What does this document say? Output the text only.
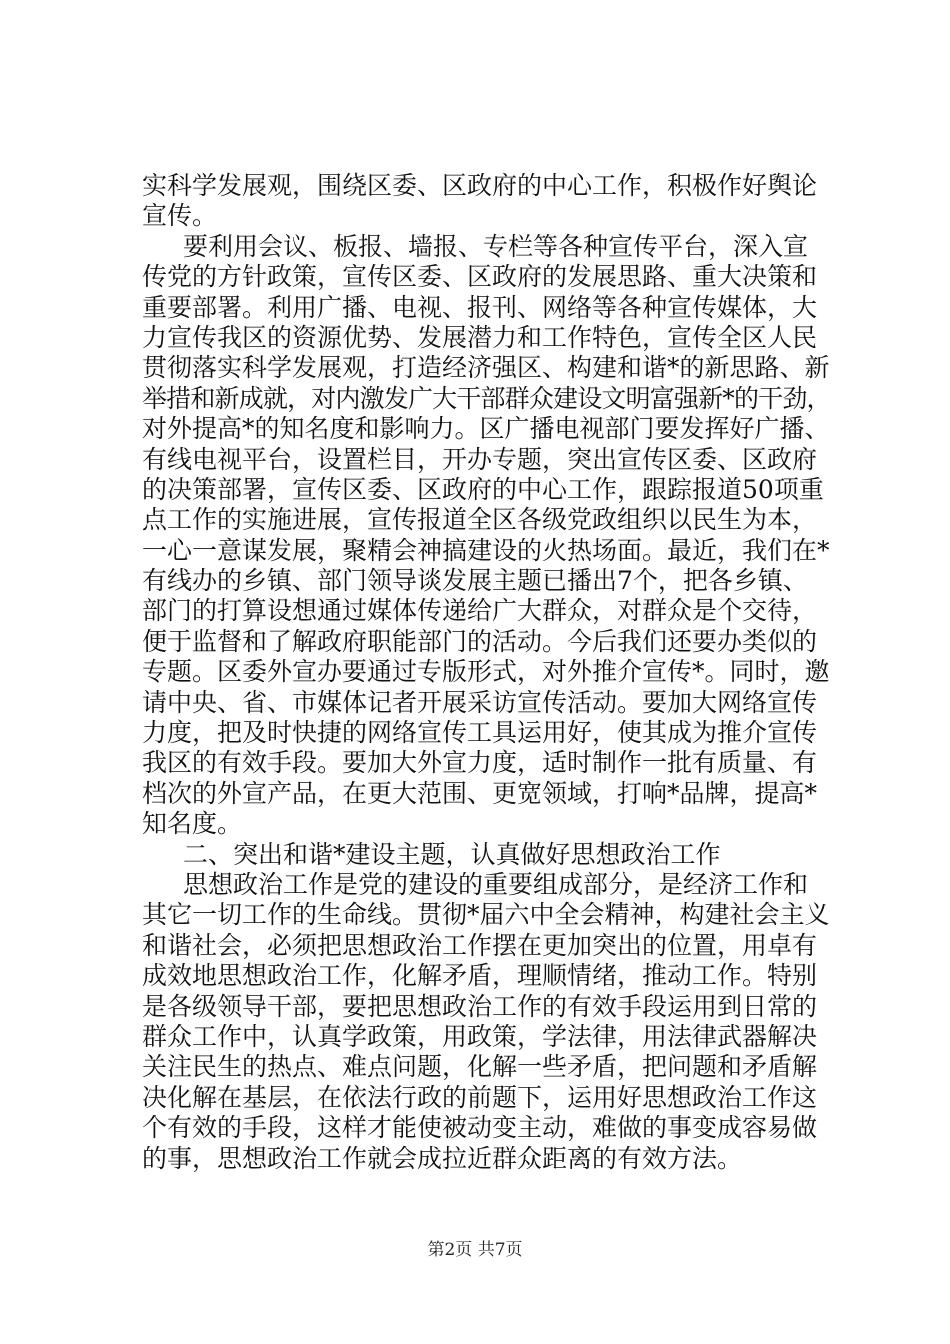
实科学发展观，围绕区委、区政府的中心工作，积极作好舆论
宣传。
要利用会议、板报、墙报、专栏等各种宣传平台，深入宣
传党的方针政策，宣传区委、区政府的发展思路、重大决策和
重要部署。利用广播、电视、报刊、网络等各种宣传媒体，大
力宣传我区的资源优势、发展潜力和工作特色，宣传全区人民
贯彻落实科学发展观，打造经济强区、构建和谐*的新思路、新
举措和新成就，对内激发广大干部群众建设文明富强新*的干劲，
对外提高*的知名度和影响力。区广播电视部门要发挥好广播、
有线电视平台，设置栏目，开办专题，突出宣传区委、区政府
的决策部署，宣传区委、区政府的中心工作，跟踪报道50项重
点工作的实施进展，宣传报道全区各级党政组织以民生为本，
一心一意谋发展，聚精会神搞建设的火热场面。最近，我们在*
有线办的乡镇、部门领导谈发展主题已播出7个，把各乡镇、
部门的打算设想通过媒体传递给广大群众，对群众是个交待，
便于监督和了解政府职能部门的活动。今后我们还要办类似的
专题。区委外宣办要通过专版形式，对外推介宣传*。同时，邀
请中央、省、市媒体记者开展采访宣传活动。要加大网络宣传
力度，把及时快捷的网络宣传工具运用好，使其成为推介宣传
我区的有效手段。要加大外宣力度，适时制作一批有质量、有
档次的外宣产品，在更大范围、更宽领域，打响*品牌，提高*
知名度。
二、突出和谐*建设主题，认真做好思想政治工作
思想政治工作是党的建设的重要组成部分，是经济工作和
其它一切工作的生命线。贯彻*届六中全会精神，构建社会主义
和谐社会，必须把思想政治工作摆在更加突出的位置，用卓有
成效地思想政治工作，化解矛盾，理顺情绪，推动工作。特别
是各级领导干部，要把思想政治工作的有效手段运用到日常的
群众工作中，认真学政策，用政策，学法律，用法律武器解决
关注民生的热点、难点问题，化解一些矛盾，把问题和矛盾解
决化解在基层，在依法行政的前题下，运用好思想政治工作这
个有效的手段，这样才能使被动变主动，难做的事变成容易做
的事，思想政治工作就会成拉近群众距离的有效方法。
第2页 共7页
